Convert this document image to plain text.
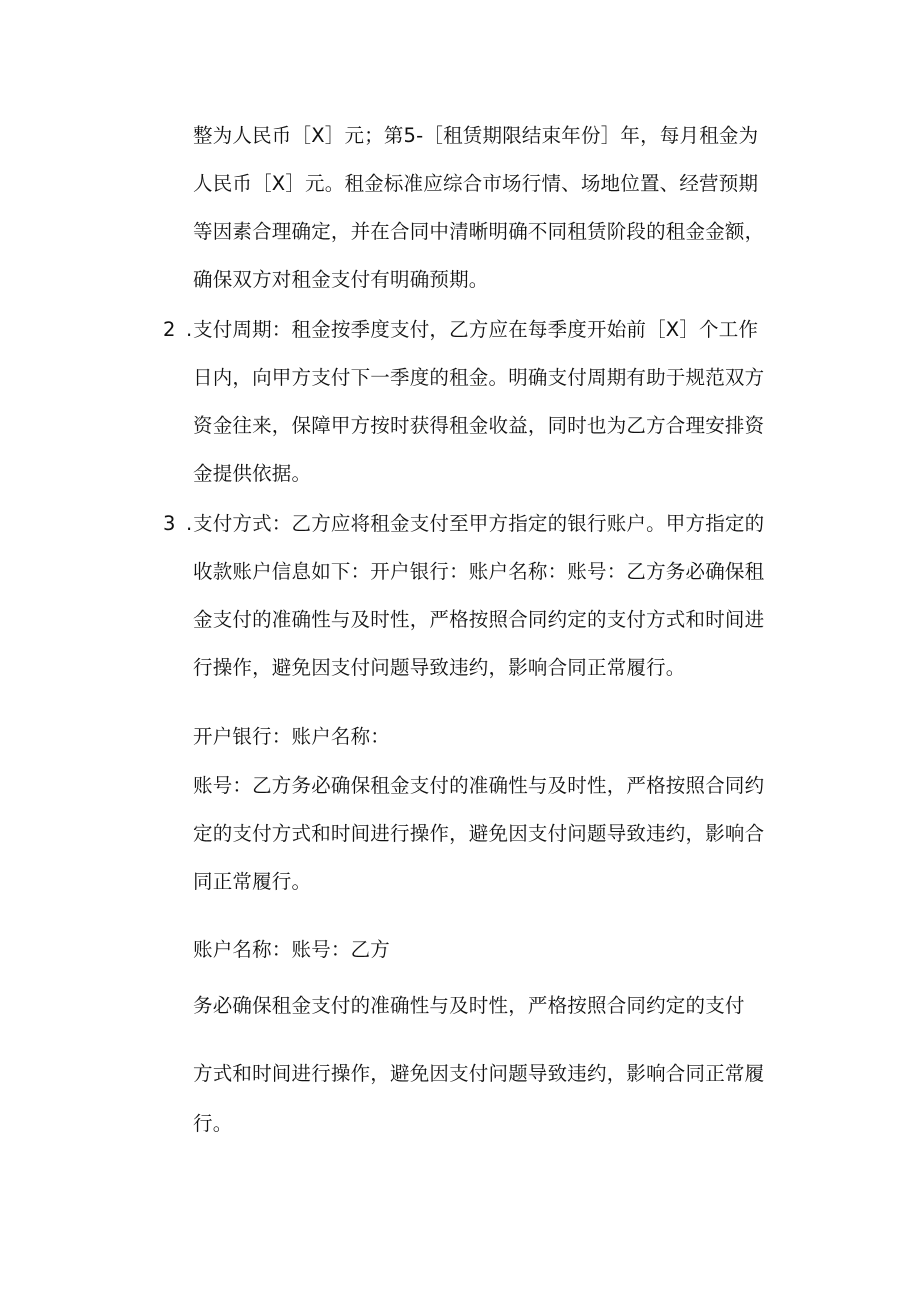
整为人民币［X］元；第5-［租赁期限结束年份］年，每月租金为
人民币［X］元。租金标准应综合市场行情、场地位置、经营预期
等因素合理确定，并在合同中清晰明确不同租赁阶段的租金金额，
确保双方对租金支付有明确预期。
2 . 支付周期：租金按季度支付，乙方应在每季度开始前［X］个工作
日内，向甲方支付下一季度的租金。明确支付周期有助于规范双方
资金往来，保障甲方按时获得租金收益，同时也为乙方合理安排资
金提供依据。
3 . 支付方式：乙方应将租金支付至甲方指定的银行账户。甲方指定的
收款账户信息如下：开户银行：账户名称：账号：乙方务必确保租
金支付的准确性与及时性，严格按照合同约定的支付方式和时间进
行操作，避免因支付问题导致违约，影响合同正常履行。
开户银行：账户名称：
账号：乙方务必确保租金支付的准确性与及时性，严格按照合同约
定的支付方式和时间进行操作，避免因支付问题导致违约，影响合
同正常履行。
账户名称：账号：乙方
务必确保租金支付的准确性与及时性，严格按照合同约定的支付
方式和时间进行操作，避免因支付问题导致违约，影响合同正常履
行。
